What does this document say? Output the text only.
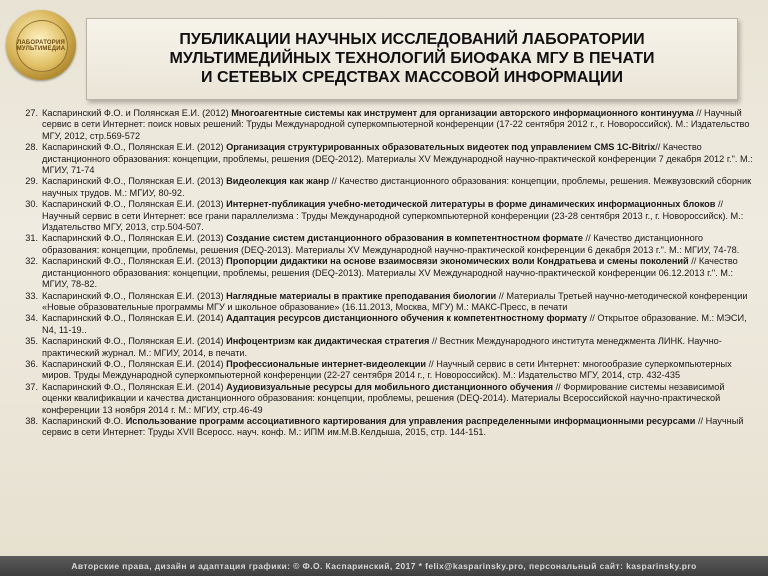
ЛАБОРАТОРИЯ МУЛЬТИМЕДИА
ПУБЛИКАЦИИ НАУЧНЫХ ИССЛЕДОВАНИЙ ЛАБОРАТОРИИ
МУЛЬТИМЕДИЙНЫХ ТЕХНОЛОГИЙ БИОФАКА МГУ В ПЕЧАТИ
И СЕТЕВЫХ СРЕДСТВАХ МАССОВОЙ ИНФОРМАЦИИ
27. Каспаринский Ф.О. и Полянская Е.И. (2012) Многоагентные системы как инструмент для организации авторского информационного континуума // Научный сервис в сети Интернет: поиск новых решений: Труды Международной суперкомпьютерной конференции (17-22 сентября 2012 г., г. Новороссийск). М.: Издательство МГУ, 2012, стр.569-572
28. Каспаринский Ф.О., Полянская Е.И. (2012) Организация структурированных образовательных видеотек под управлением CMS 1С-Bitrix// Качество дистанционного образования: концепции, проблемы, решения (DEQ-2012). Материалы XV Международной научно-практической конференции 7 декабря 2012 г.". М.: МГИУ, 71-74
29. Каспаринский Ф.О., Полянская Е.И. (2013) Видеолекция как жанр // Качество дистанционного образования: концепции, проблемы, решения. Межвузовский сборник научных трудов. М.: МГИУ, 80-92.
30. Каспаринский Ф.О., Полянская Е.И. (2013) Интернет-публикация учебно-методической литературы в форме динамических информационных блоков // Научный сервис в сети Интернет: все грани параллелизма : Труды Международной суперкомпьютерной конференции (23-28 сентября 2013 г., г. Новороссийск). М.: Издательство МГУ, 2013, стр.504-507.
31. Каспаринский Ф.О., Полянская Е.И. (2013) Создание систем дистанционного образования в компетентностном формате // Качество дистанционного образования: концепции, проблемы, решения (DEQ-2013). Материалы XV Международной научно-практической конференции 6 декабря 2013 г.". М.: МГИУ, 74-78.
32. Каспаринский Ф.О., Полянская Е.И. (2013) Пропорции дидактики на основе взаимосвязи экономических воли Кондратьева и смены поколений // Качество дистанционного образования: концепции, проблемы, решения (DEQ-2013). Материалы XV Международной научно-практической конференции 06.12.2013 г.". М.: МГИУ, 78-82.
33. Каспаринский Ф.О., Полянская Е.И. (2013) Наглядные материалы в практике преподавания биологии // Материалы Третьей научно-методической конференции «Новые образовательные программы МГУ и школьное образование» (16.11.2013, Москва, МГУ) М.: МАКС-Пресс, в печати
34. Каспаринский Ф.О., Полянская Е.И. (2014) Адаптация ресурсов дистанционного обучения к компетентностному формату // Открытое образование. М.: МЭСИ, N4, 11-19..
35. Каспаринский Ф.О., Полянская Е.И. (2014) Инфоцентризм как дидактическая стратегия // Вестник Международного института менеджмента ЛИНК. Научно-практический журнал. М.: МГИУ, 2014, в печати.
36. Каспаринский Ф.О., Полянская Е.И. (2014) Профессиональные интернет-видеолекции // Научный сервис в сети Интернет: многообразие суперкомпьютерных миров. Труды Международной суперкомпьютерной конференции (22-27 сентября 2014 г., г. Новороссийск). М.: Издательство МГУ, 2014, стр. 432-435
37. Каспаринский Ф.О., Полянская Е.И. (2014) Аудиовизуальные ресурсы для мобильного дистанционного обучения // Формирование системы независимой оценки квалификации и качества дистанционного образования: концепции, проблемы, решения (DEQ-2014). Материалы Всероссийской научно-практической конференции 13 ноября 2014 г. М.: МГИУ, стр.46-49
38. Каспаринский Ф.О. Использование программ ассоциативного картирования для управления распределенными информационными ресурсами // Научный сервис в сети Интернет: Труды XVII Всеросс. науч. конф. М.: ИПМ им.М.В.Келдыша, 2015, стр. 144-151.
Авторские права, дизайн и адаптация графики: © Ф.О. Каспаринский, 2017 * felix@kasparinsky.pro, персональный сайт: kasparinsky.pro
